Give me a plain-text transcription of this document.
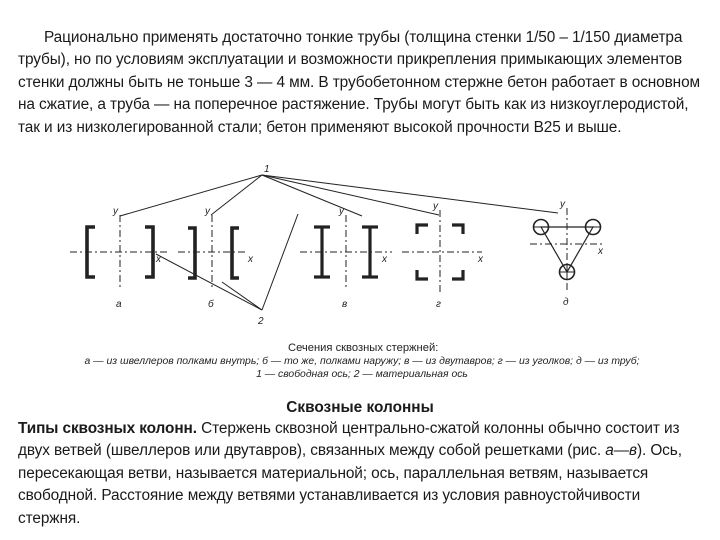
Рационально применять достаточно тонкие трубы (толщина стенки 1/50 – 1/150 диаметра трубы), но по условиям эксплуатации и возможности прикрепления примыкающих элементов стенки должны быть не тоньше 3 — 4 мм. В трубобетонном стержне бетон работает в основном на сжатие, а труба — на поперечное растяжение. Трубы могут быть как из низкоуглеродистой, так и из низколегированной стали; бетон применяют высокой прочности В25 и выше.

1
2
y
x
y
x
y
x
y
x
y
x
а	б	в	г	д
Сечения сквозных стержней:
а — из швеллеров полками внутрь; б — то же, полками наружу; в — из двутавров; г — из уголков; д — из труб; 1 — свободная ось; 2 — материальная ось
Сквозные колонны

Типы сквозных колонн. Стержень сквозной центрально-сжатой колонны обычно состоит из двух ветвей (швеллеров или двутавров), связанных между собой решетками (рис. а—в). Ось, пересекающая ветви, называется материальной; ось, параллельная ветвям, называется свободной. Расстояние между ветвями устанавливается из условия равноустойчивости стержня.
